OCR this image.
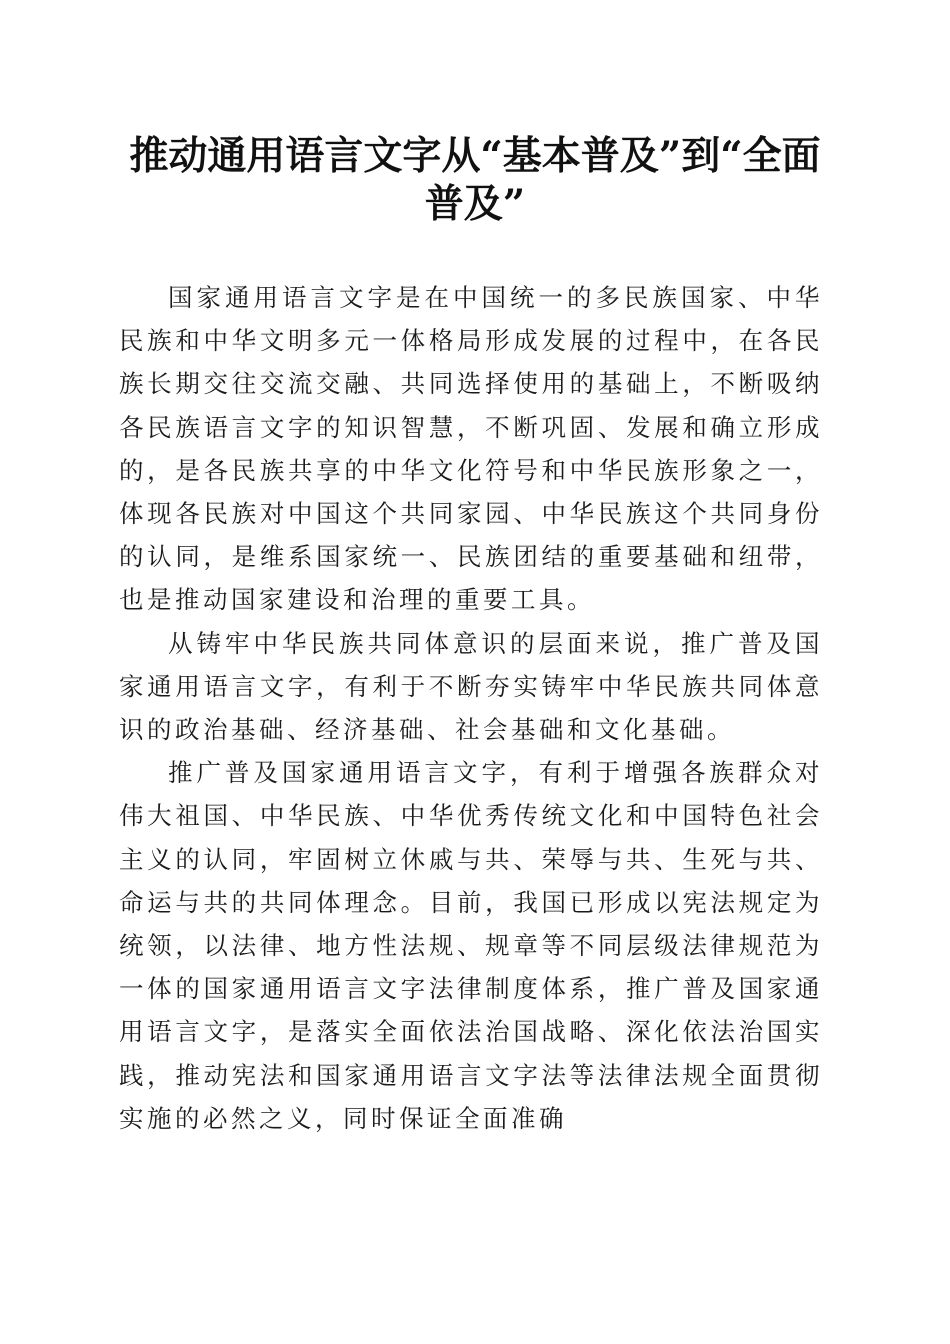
推动通用语言文字从“基本普及”到“全面普及”

国家通用语言文字是在中国统一的多民族国家、中华民族和中华文明多元一体格局形成发展的过程中，在各民族长期交往交流交融、共同选择使用的基础上，不断吸纳各民族语言文字的知识智慧，不断巩固、发展和确立形成的，是各民族共享的中华文化符号和中华民族形象之一，体现各民族对中国这个共同家园、中华民族这个共同身份的认同，是维系国家统一、民族团结的重要基础和纽带，也是推动国家建设和治理的重要工具。

从铸牢中华民族共同体意识的层面来说，推广普及国家通用语言文字，有利于不断夯实铸牢中华民族共同体意识的政治基础、经济基础、社会基础和文化基础。

推广普及国家通用语言文字，有利于增强各族群众对伟大祖国、中华民族、中华优秀传统文化和中国特色社会主义的认同，牢固树立休戚与共、荣辱与共、生死与共、命运与共的共同体理念。目前，我国已形成以宪法规定为统领，以法律、地方性法规、规章等不同层级法律规范为一体的国家通用语言文字法律制度体系，推广普及国家通用语言文字，是落实全面依法治国战略、深化依法治国实践，推动宪法和国家通用语言文字法等法律法规全面贯彻实施的必然之义，同时保证全面准确
